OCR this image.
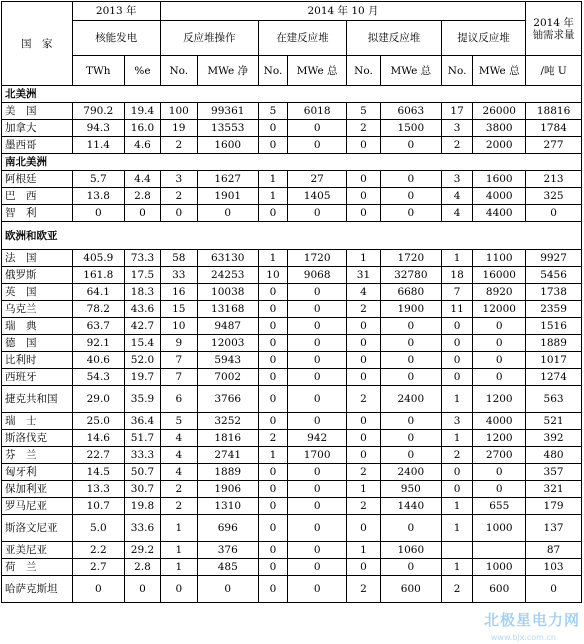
国　家	2013 年		2014 年 10 月								2014 年铀需求量
	核能发电		反应堆操作		在建反应堆		拟建反应堆		提议反应堆		
	TWh	%e	No.	MWe 净	No.	MWe 总	No.	MWe 总	No.	MWe 总	/吨 U
北美洲											
美　国	790.2	19.4	100	99361	5	6018	5	6063	17	26000	18816
加拿大	94.3	16.0	19	13553	0	0	2	1500	3	3800	1784
墨西哥	11.4	4.6	2	1600	0	0	0	0	2	2000	277
南北美洲											
阿根廷	5.7	4.4	3	1627	1	27	0	0	3	1600	213
巴　西	13.8	2.8	2	1901	1	1405	0	0	4	4000	325
智　利	0	0	0	0	0	0	0	0	4	4400	0
欧洲和欧亚											
法　国	405.9	73.3	58	63130	1	1720	1	1720	1	1100	9927
俄罗斯	161.8	17.5	33	24253	10	9068	31	32780	18	16000	5456
英　国	64.1	18.3	16	10038	0	0	4	6680	7	8920	1738
乌克兰	78.2	43.6	15	13168	0	0	2	1900	11	12000	2359
瑞　典	63.7	42.7	10	9487	0	0	0	0	0	0	1516
德　国	92.1	15.4	9	12003	0	0	0	0	0	0	1889
比利时	40.6	52.0	7	5943	0	0	0	0	0	0	1017
西班牙	54.3	19.7	7	7002	0	0	0	0	0	0	1274
捷克共和国	29.0	35.9	6	3766	0	0	2	2400	1	1200	563
瑞　士	25.0	36.4	5	3252	0	0	0	0	3	4000	521
斯洛伐克	14.6	51.7	4	1816	2	942	0	0	1	1200	392
芬　兰	22.7	33.3	4	2741	1	1700	0	0	2	2700	480
匈牙利	14.5	50.7	4	1889	0	0	2	2400	0	0	357
保加利亚	13.3	30.7	2	1906	0	0	1	950	0	0	321
罗马尼亚	10.7	19.8	2	1310	0	0	2	1440	1	655	179
斯洛文尼亚	5.0	33.6	1	696	0	0	0	0	1	1000	137
亚美尼亚	2.2	29.2	1	376	0	0	1	1060			87
荷　兰	2.7	2.8	1	485	0	0	0	0	1	1000	103
哈萨克斯坦	0	0	0	0	0	0	2	600	2	600	0
北极星电力网
www.bjx.com.cn
